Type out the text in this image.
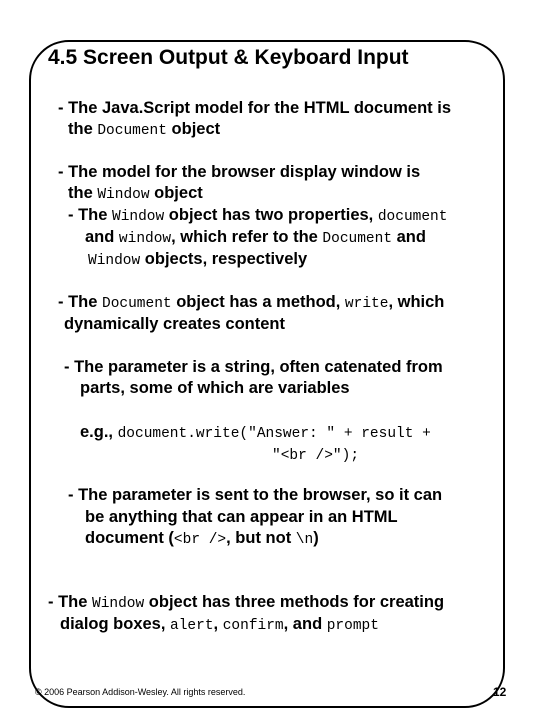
4.5 Screen Output & Keyboard Input
- The Java.Script model for the HTML document is
the Document object
- The model for the browser display window is
the Window object
- The Window object has two properties, document
and window, which refer to the Document and
Window objects, respectively
- The Document object has a method, write, which
dynamically creates content
- The parameter is a string, often catenated from
parts, some of which are variables
e.g., document.write("Answer: " + result +
"<br />");
- The parameter is sent to the browser, so it can
be anything that can appear in an HTML
document (<br />, but not \n)
- The Window object has three methods for creating
dialog boxes, alert, confirm, and prompt
© 2006 Pearson Addison-Wesley. All rights reserved.	12
